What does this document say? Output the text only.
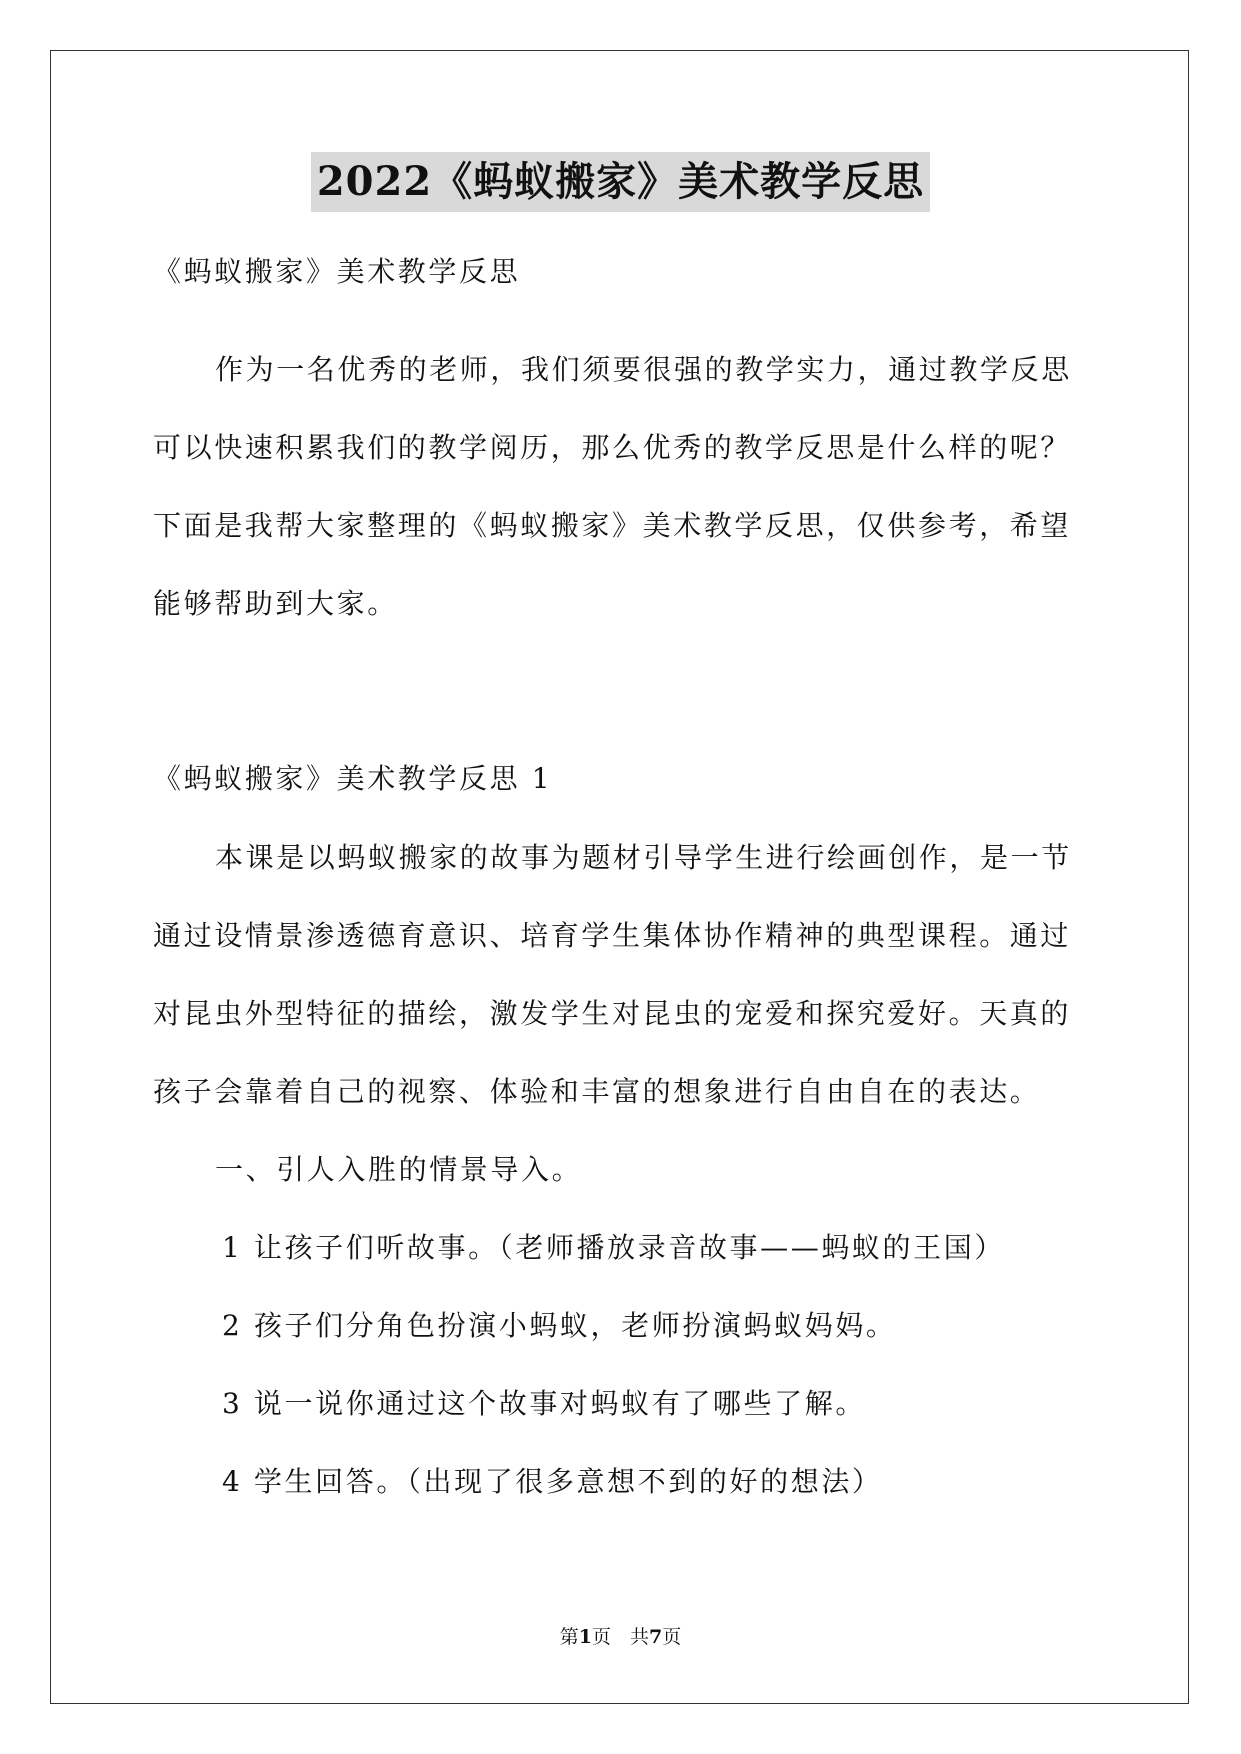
2022《蚂蚁搬家》美术教学反思
《蚂蚁搬家》美术教学反思
作为一名优秀的老师，我们须要很强的教学实力，通过教学反思
可以快速积累我们的教学阅历，那么优秀的教学反思是什么样的呢？
下面是我帮大家整理的《蚂蚁搬家》美术教学反思，仅供参考，希望
能够帮助到大家。
《蚂蚁搬家》美术教学反思 1
本课是以蚂蚁搬家的故事为题材引导学生进行绘画创作，是一节
通过设情景渗透德育意识、培育学生集体协作精神的典型课程。通过
对昆虫外型特征的描绘，激发学生对昆虫的宠爱和探究爱好。天真的
孩子会靠着自己的视察、体验和丰富的想象进行自由自在的表达。
一、引人入胜的情景导入。
1 让孩子们听故事。（老师播放录音故事——蚂蚁的王国）
2 孩子们分角色扮演小蚂蚁，老师扮演蚂蚁妈妈。
3 说一说你通过这个故事对蚂蚁有了哪些了解。
4 学生回答。（出现了很多意想不到的好的想法）
第1页　共7页
